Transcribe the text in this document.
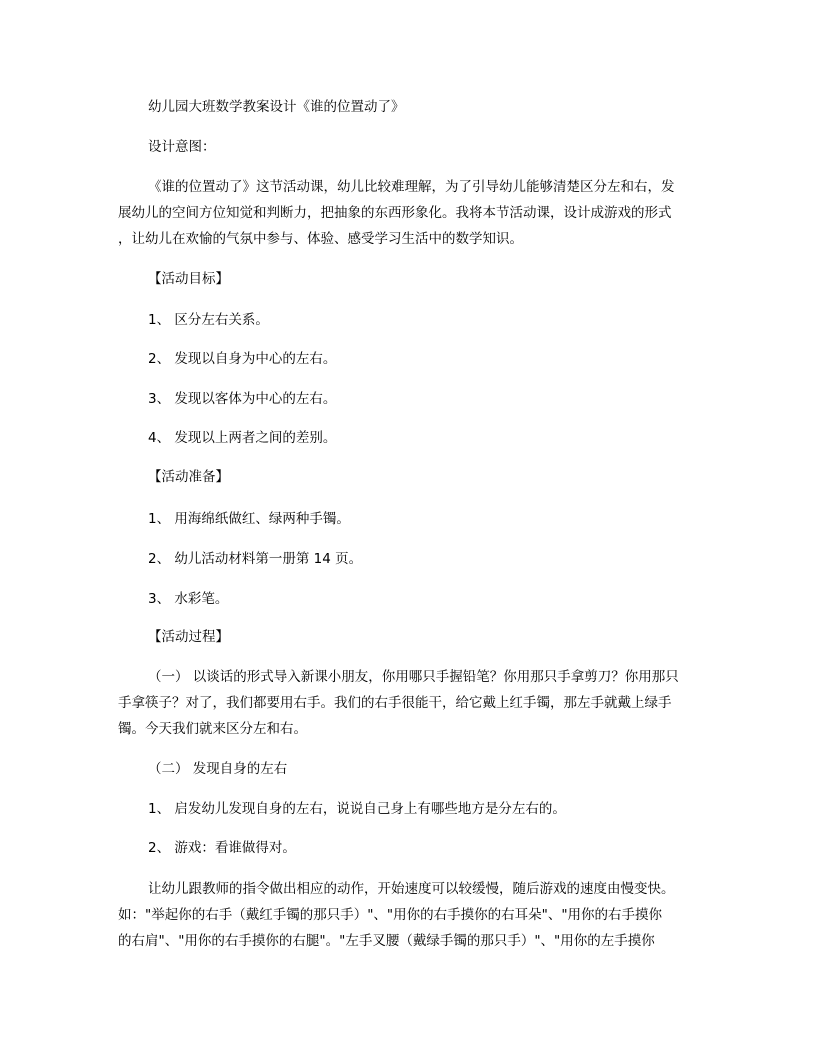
幼儿园大班数学教案设计《谁的位置动了》
设计意图：
《谁的位置动了》这节活动课，幼儿比较难理解，为了引导幼儿能够清楚区分左和右，发
展幼儿的空间方位知觉和判断力，把抽象的东西形象化。我将本节活动课，设计成游戏的形式
，让幼儿在欢愉的气氛中参与、体验、感受学习生活中的数学知识。
【活动目标】
1、 区分左右关系。
2、 发现以自身为中心的左右。
3、 发现以客体为中心的左右。
4、 发现以上两者之间的差别。
【活动准备】
1、 用海绵纸做红、绿两种手镯。
2、 幼儿活动材料第一册第 14 页。
3、 水彩笔。
【活动过程】
（一） 以谈话的形式导入新课小朋友，你用哪只手握铅笔？你用那只手拿剪刀？你用那只
手拿筷子？对了，我们都要用右手。我们的右手很能干，给它戴上红手镯，那左手就戴上绿手
镯。今天我们就来区分左和右。
（二） 发现自身的左右
1、 启发幼儿发现自身的左右，说说自己身上有哪些地方是分左右的。
2、 游戏：看谁做得对。
让幼儿跟教师的指令做出相应的动作，开始速度可以较缓慢，随后游戏的速度由慢变快。
如："举起你的右手（戴红手镯的那只手）"、"用你的右手摸你的右耳朵"、"用你的右手摸你
的右肩"、"用你的右手摸你的右腿"。"左手叉腰（戴绿手镯的那只手）"、"用你的左手摸你
